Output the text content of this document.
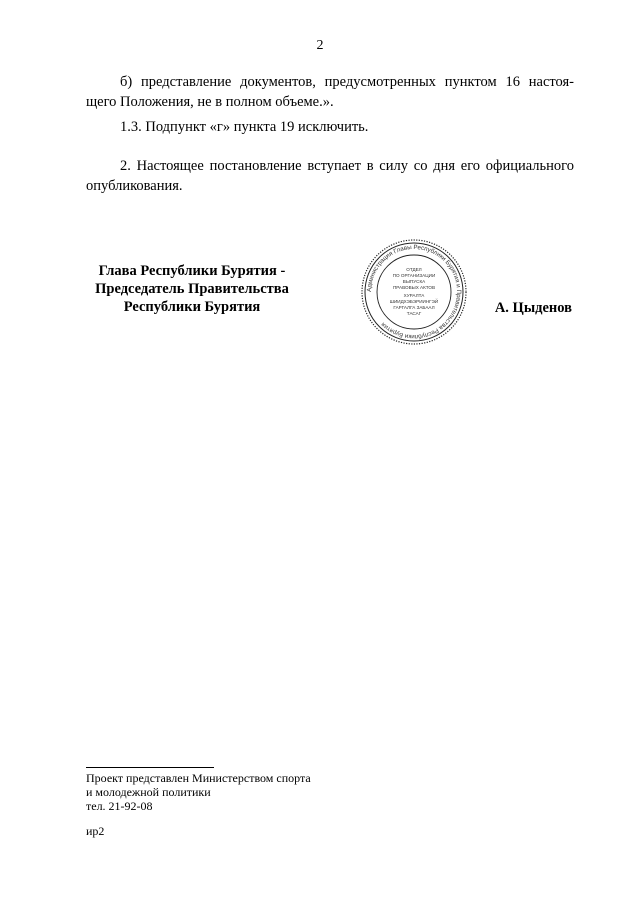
2

б) представление документов, предусмотренных пунктом 16 настоя-
щего Положения, не в полном объеме.».

1.3. Подпункт «г» пункта 19 исключить.
2. Настоящее постановление вступает в силу со дня его официального
опубликования.
Глава Республики Бурятия -
Председатель Правительства
Республики Бурятия
Администрация Главы Республики Бурятия и Правительства Республики Бурятия
ОТДЕЛ
ПО ОРГАНИЗАЦИИ
ВЫПУСКА
ПРАВОВЫХ АКТОВ
ХУРАЛТА
ШИИДХЭБЭРИИНГЭЙ
ГАРГАЛГА ЗАБААЛ
ТАСАГ	А. Цыденов
Проект представлен Министерством спорта
и молодежной политики
тел. 21-92-08
ир2
